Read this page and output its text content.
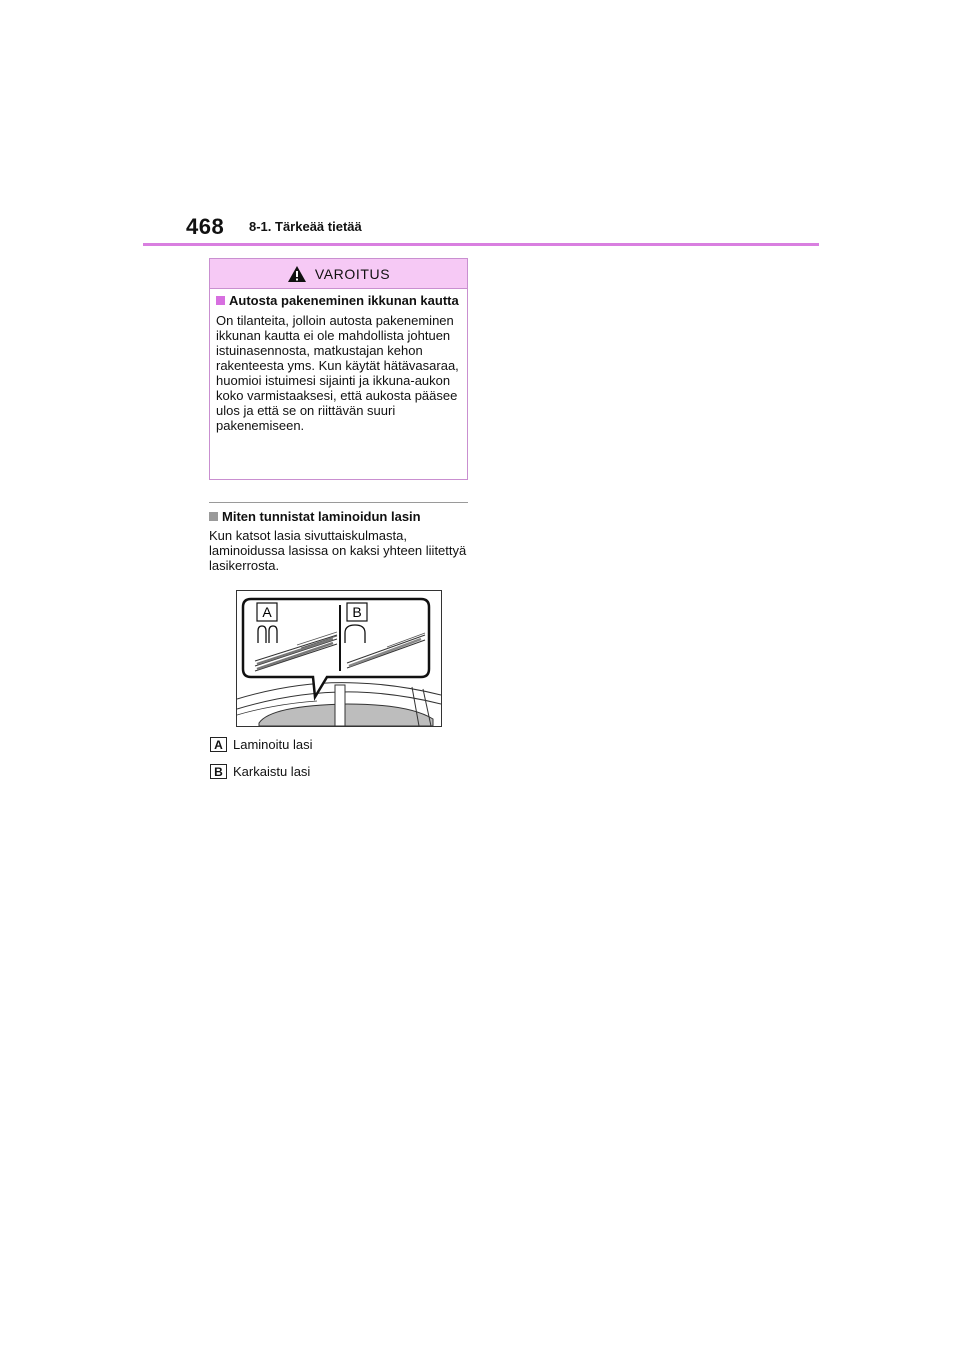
468 8-1. Tärkeää tietää
VAROITUS
Autosta pakeneminen ikkunan kautta

On tilanteita, jolloin autosta pakeneminen ikkunan kautta ei ole mahdollista johtuen istuinasennosta, matkustajan kehon rakenteesta yms. Kun käytät hätävasaraa, huomioi istuimesi sijainti ja ikkuna-aukon koko varmistaaksesi, että aukosta pääsee ulos ja että se on riittävän suuri pakenemiseen.

Miten tunnistat laminoidun lasin

Kun katsot lasia sivuttaiskulmasta, laminoidussa lasissa on kaksi yhteen liitettyä lasikerrosta.

A	B
A Laminoitu lasi
B Karkaistu lasi
